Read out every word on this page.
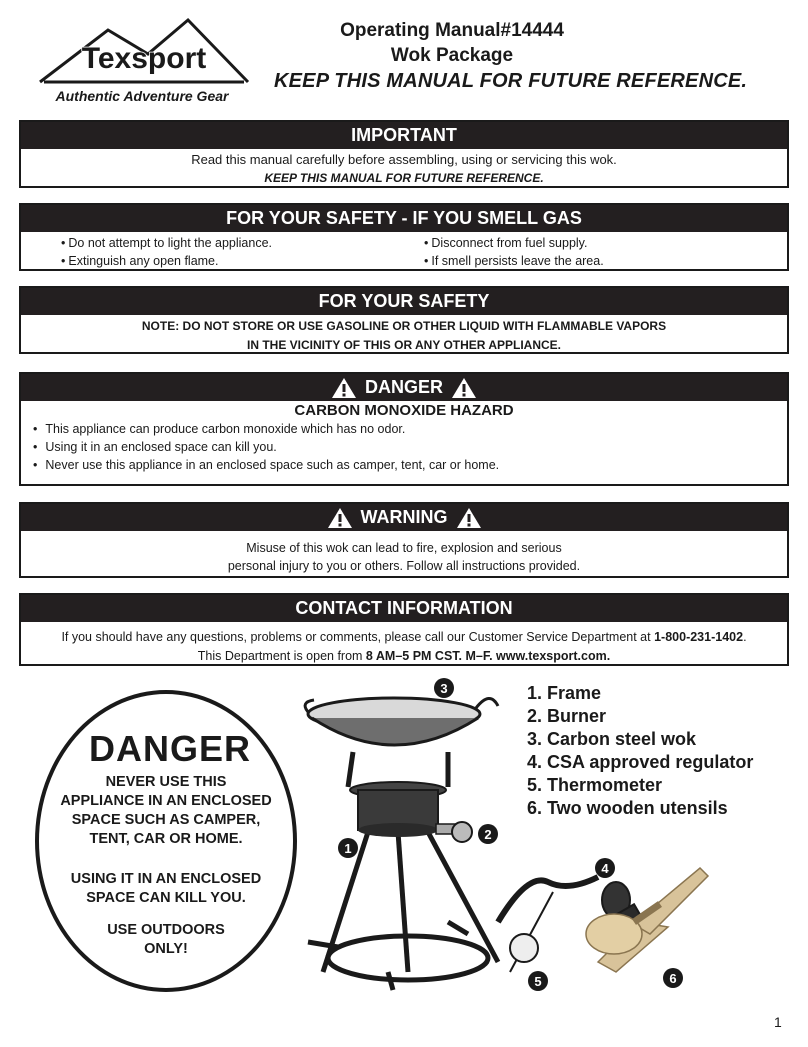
Texsport
Authentic Adventure Gear
Operating Manual#14444
Wok Package
KEEP THIS MANUAL FOR FUTURE REFERENCE.
IMPORTANT
Read this manual carefully before assembling, using or servicing this wok.
KEEP THIS MANUAL FOR FUTURE REFERENCE.
FOR YOUR SAFETY - IF YOU SMELL GAS
• Do not attempt to light the appliance.
• Extinguish any open flame.
• Disconnect from fuel supply.
• If smell persists leave the area.
FOR YOUR SAFETY
NOTE: DO NOT STORE OR USE GASOLINE OR OTHER LIQUID WITH FLAMMABLE VAPORS
IN THE VICINITY OF THIS OR ANY OTHER APPLIANCE.
DANGER
CARBON MONOXIDE HAZARD
• This appliance can produce carbon monoxide which has no odor.
• Using it in an enclosed space can kill you.
• Never use this appliance in an enclosed space such as camper, tent, car or home.
WARNING
Misuse of this wok can lead to fire, explosion and serious
personal injury to you or others. Follow all instructions provided.
CONTACT INFORMATION
If you should have any questions, problems or comments, please call our Customer Service Department at 1-800-231-1402.
This Department is open from 8 AM–5 PM CST. M–F. www.texsport.com.
DANGER
NEVER USE THIS
APPLIANCE IN AN ENCLOSED
SPACE SUCH AS CAMPER,
TENT, CAR OR HOME.
USING IT IN AN ENCLOSED
SPACE CAN KILL YOU.
USE OUTDOORS
ONLY!
3
1
2
4
5	6
1. Frame
2. Burner
3. Carbon steel wok
4. CSA approved regulator
5. Thermometer
6. Two wooden utensils
1
